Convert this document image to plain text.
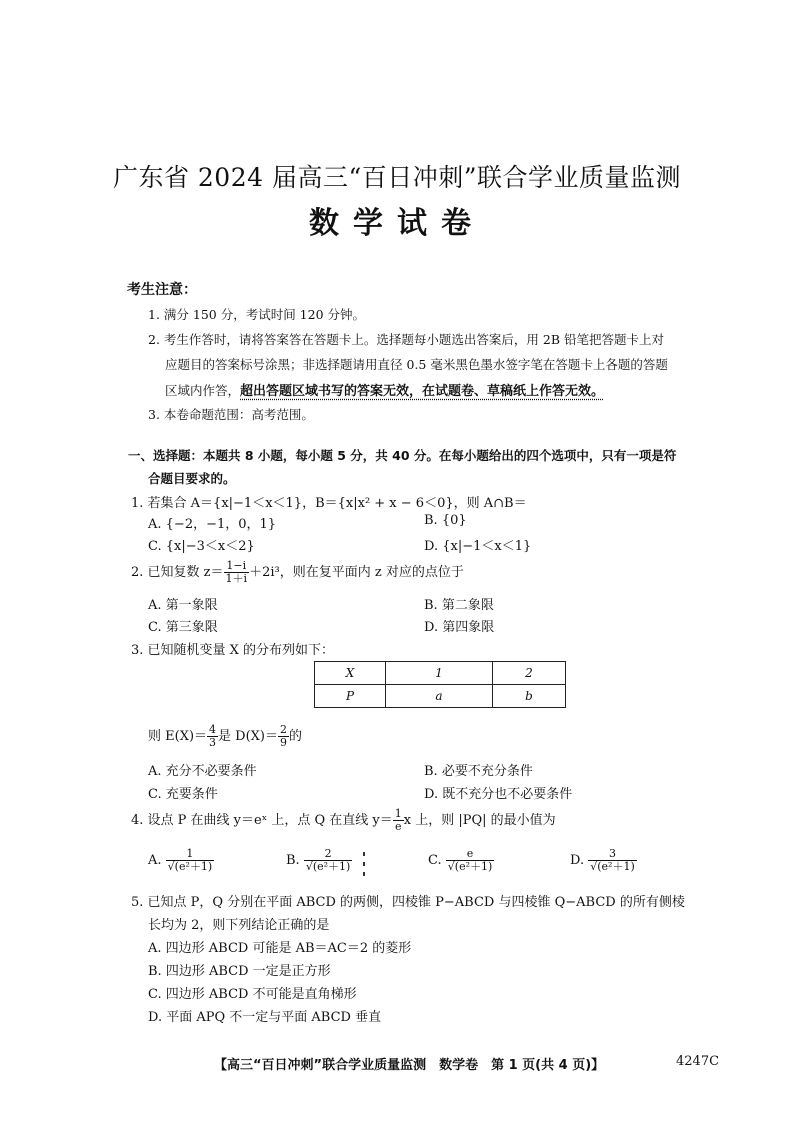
广东省 2024 届高三“百日冲刺”联合学业质量监测
数学试卷
考生注意：
1. 满分 150 分，考试时间 120 分钟。
2. 考生作答时，请将答案答在答题卡上。选择题每小题选出答案后，用 2B 铅笔把答题卡上对
应题目的答案标号涂黑；非选择题请用直径 0.5 毫米黑色墨水签字笔在答题卡上各题的答题
区域内作答，超出答题区域书写的答案无效，在试题卷、草稿纸上作答无效。
3. 本卷命题范围：高考范围。
一、选择题：本题共 8 小题，每小题 5 分，共 40 分。在每小题给出的四个选项中，只有一项是符
合题目要求的。
1. 若集合 A＝{x|−1＜x＜1}，B＝{x|x² + x − 6＜0}，则 A∩B＝
A. {−2，−1，0，1}	B. {0}
C. {x|−3＜x＜2}	D. {x|−1＜x＜1}
2. 已知复数 $z= \frac{1-i}{1+i} +2i^3$，则在复平面内 z 对应的点位于
A. 第一象限	B. 第二象限
C. 第三象限	D. 第四象限
3. 已知随机变量 X 的分布列如下：
X	1	2
P	a	b
则 $E(X)= \frac{4}{3}$ 是 $D(X)= \frac{2}{9}$ 的
A. 充分不必要条件	B. 必要不充分条件
C. 充要条件	D. 既不充分也不必要条件
4. 设点 P 在曲线 y＝eˣ 上，点 Q 在直线 $y= \frac{1}{e}$ x 上，则 |PQ| 的最小值为
A. $\frac{1}{\text{√(e²＋1)}}$	B. $\frac{2}{\text{√(e²＋1)}}$	C. $\frac{e}{\text{√(e²＋1)}}$	D. $\frac{3}{\text{√(e²＋1)}}$
5. 已知点 P，Q 分别在平面 ABCD 的两侧，四棱锥 P−ABCD 与四棱锥 Q−ABCD 的所有侧棱
长均为 2，则下列结论正确的是
A. 四边形 ABCD 可能是 AB＝AC＝2 的菱形
B. 四边形 ABCD 一定是正方形
C. 四边形 ABCD 不可能是直角梯形
D. 平面 APQ 不一定与平面 ABCD 垂直
【高三“百日冲刺”联合学业质量监测　数学卷　第 1 页(共 4 页)】	4247C
